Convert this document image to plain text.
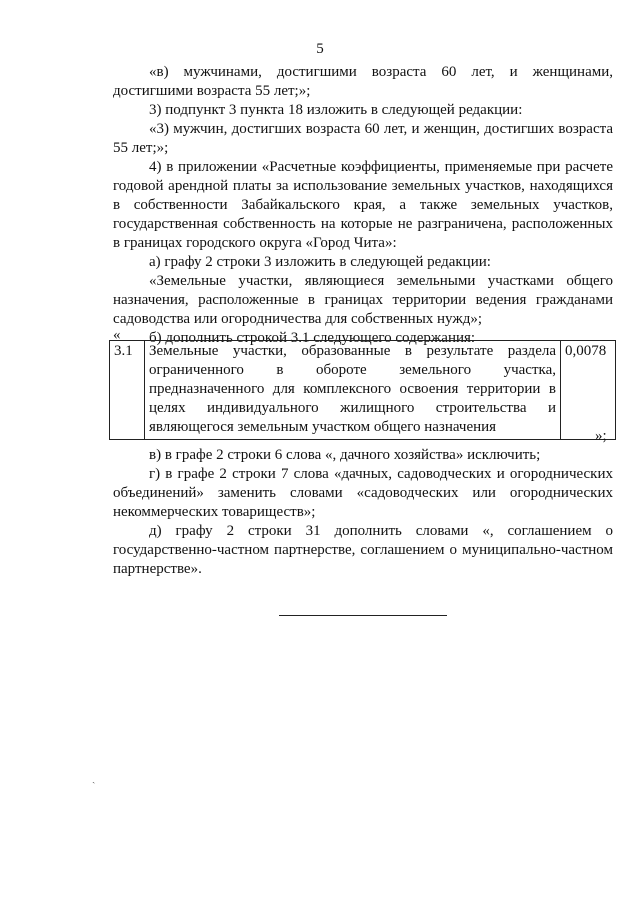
5

«в) мужчинами, достигшими возраста 60 лет, и женщинами, достигшими возраста 55 лет;»;

3) подпункт 3 пункта 18 изложить в следующей редакции:

«3) мужчин, достигших возраста 60 лет, и женщин, достигших возраста 55 лет;»;

4) в приложении «Расчетные коэффициенты, применяемые при расчете годовой арендной платы за использование земельных участков, находящихся в собственности Забайкальского края, а также земельных участков, государственная собственность на которые не разграничена, расположенных в границах городского округа «Город Чита»:

а) графу 2 строки 3 изложить в следующей редакции:

«Земельные участки, являющиеся земельными участками общего назначения, расположенные в границах территории ведения гражданами садоводства или огородничества для собственных нужд»;

б) дополнить строкой 3.1 следующего содержания:

«
3.1	Земельные участки, образованные в результате раздела ограниченного в обороте земельного участка, предназначенного для комплексного освоения территории в целях индивидуального жилищного строительства и являющегося земельным участком общего назначения	0,0078
»;

в) в графе 2 строки 6 слова «, дачного хозяйства» исключить;

г) в графе 2 строки 7 слова «дачных, садоводческих и огороднических объединений» заменить словами «садоводческих или огороднических некоммерческих товариществ»;

д) графу 2 строки 31 дополнить словами «, соглашением о государственно-частном партнерстве, соглашением о муниципально-частном партнерстве».

ˏ
